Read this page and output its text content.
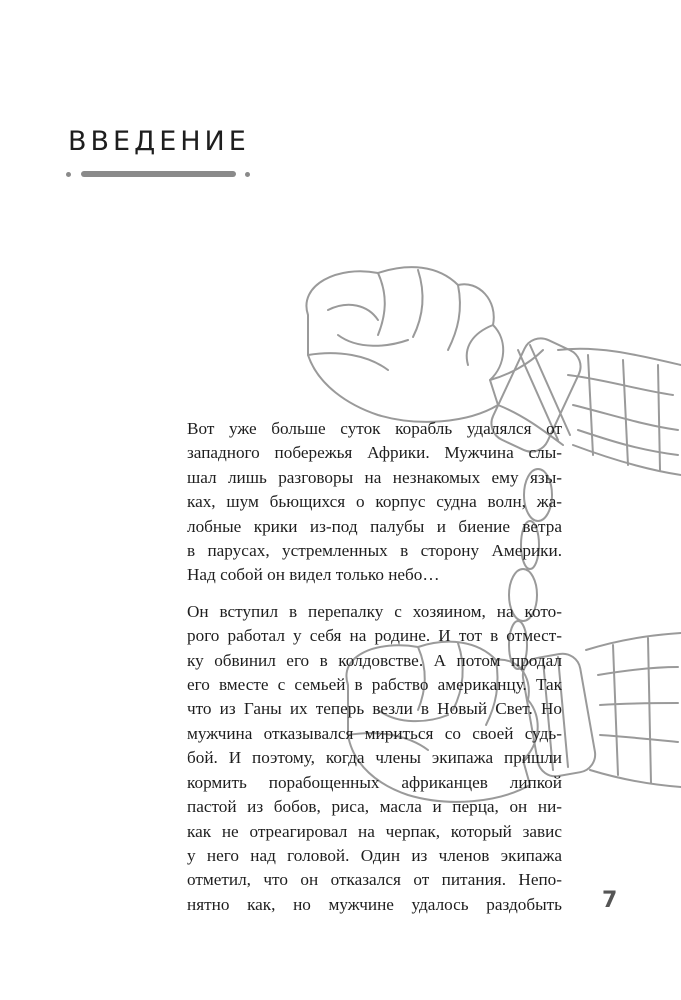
ВВЕДЕНИЕ

Вот уже больше суток корабль удалялся от
западного побережья Африки. Мужчина слы-
шал лишь разговоры на незнакомых ему язы-
ках, шум бьющихся о корпус судна волн, жа-
лобные крики из-под палубы и биение ветра
в парусах, устремленных в сторону Америки.
Над собой он видел только небо…

Он вступил в перепалку с хозяином, на кото-
рого работал у себя на родине. И тот в отмест-
ку обвинил его в колдовстве. А потом продал
его вместе с семьей в рабство американцу. Так
что из Ганы их теперь везли в Новый Свет. Но
мужчина отказывался мириться со своей судь-
бой. И поэтому, когда члены экипажа пришли
кормить порабощенных африканцев липкой
пастой из бобов, риса, масла и перца, он ни-
как не отреагировал на черпак, который завис
у него над головой. Один из членов экипажа
отметил, что он отказался от питания. Непо-
нятно как, но мужчине удалось раздобыть 7
